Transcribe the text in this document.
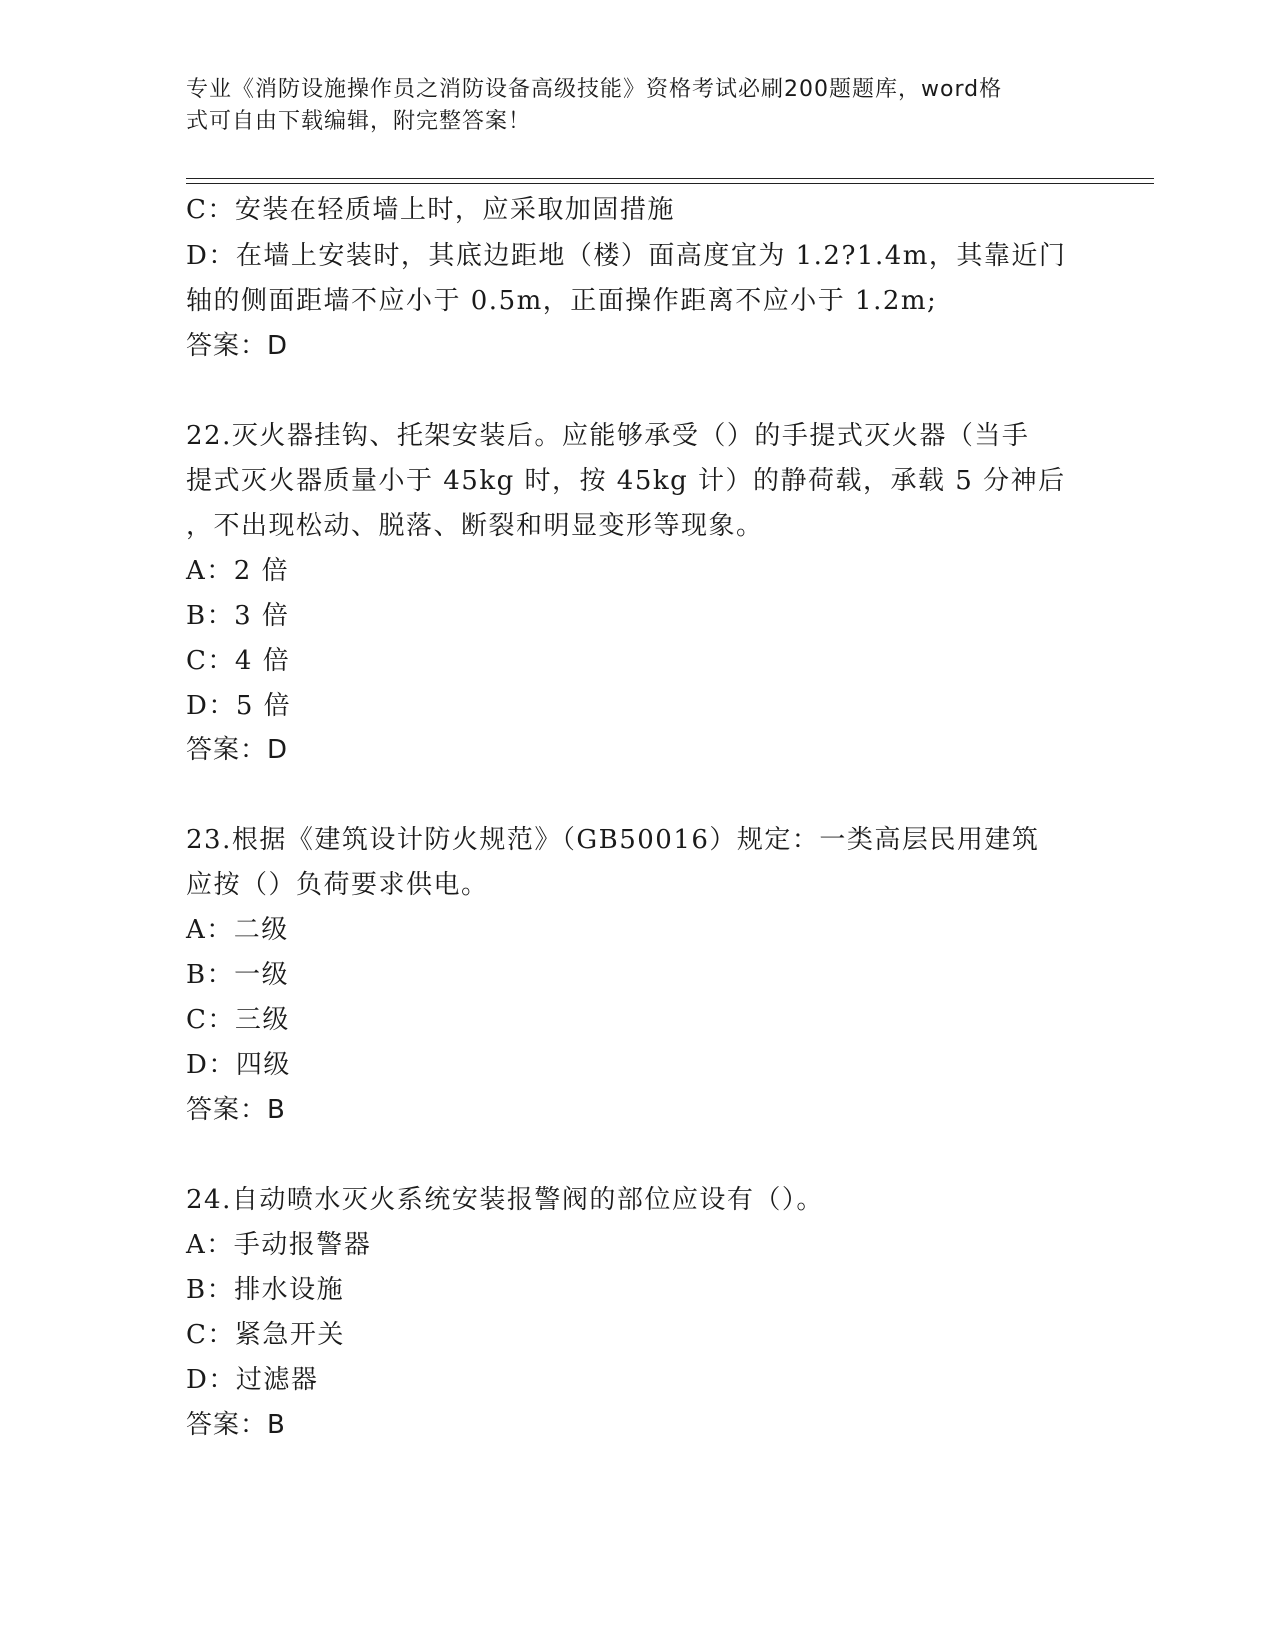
专业《消防设施操作员之消防设备高级技能》资格考试必刷200题题库，word格
式可自由下载编辑，附完整答案！
C：安装在轻质墙上时，应采取加固措施
D：在墙上安装时，其底边距地（楼）面高度宜为 1.2?1.4m，其靠近门
轴的侧面距墙不应小于 0.5m，正面操作距离不应小于 1.2m;
答案：D
22.灭火器挂钩、托架安装后。应能够承受（）的手提式灭火器（当手
提式灭火器质量小于 45kg 时，按 45kg 计）的静荷载，承载 5 分神后
，不出现松动、脱落、断裂和明显变形等现象。
A：2 倍
B：3 倍
C：4 倍
D：5 倍
答案：D
23.根据《建筑设计防火规范》（GB50016）规定：一类高层民用建筑
应按（）负荷要求供电。
A：二级
B：一级
C：三级
D：四级
答案：B
24.自动喷水灭火系统安装报警阀的部位应设有（）。
A：手动报警器
B：排水设施
C：紧急开关
D：过滤器
答案：B
